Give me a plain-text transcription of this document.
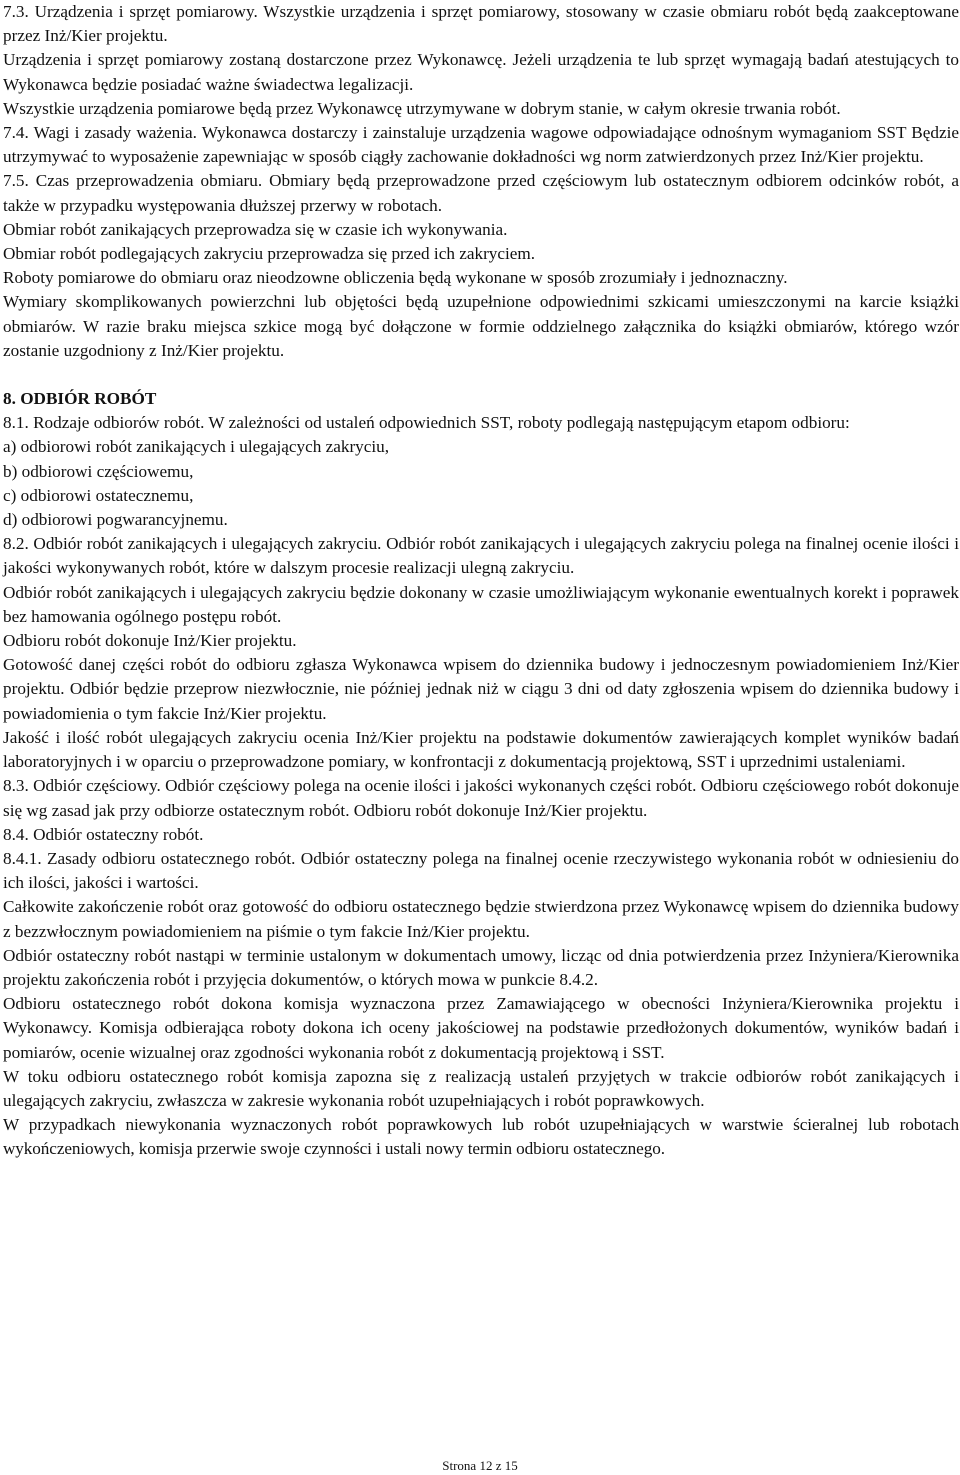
7.3. Urządzenia i sprzęt pomiarowy. Wszystkie urządzenia i sprzęt pomiarowy, stosowany w czasie obmiaru robót będą zaakceptowane przez Inż/Kier projektu.

Urządzenia i sprzęt pomiarowy zostaną dostarczone przez Wykonawcę. Jeżeli urządzenia te lub sprzęt wymagają badań atestujących to Wykonawca będzie posiadać ważne świadectwa legalizacji.

Wszystkie urządzenia pomiarowe będą przez Wykonawcę utrzymywane w dobrym stanie, w całym okresie trwania robót.

7.4. Wagi i zasady ważenia. Wykonawca dostarczy i zainstaluje urządzenia wagowe odpowiadające odnośnym wymaganiom SST Będzie utrzymywać to wyposażenie zapewniając w sposób ciągły zachowanie dokładności wg norm zatwierdzonych przez Inż/Kier projektu.

7.5. Czas przeprowadzenia obmiaru. Obmiary będą przeprowadzone przed częściowym lub ostatecznym odbiorem odcinków robót, a także w przypadku występowania dłuższej przerwy w robotach.

Obmiar robót zanikających przeprowadza się w czasie ich wykonywania.

Obmiar robót podlegających zakryciu przeprowadza się przed ich zakryciem.

Roboty pomiarowe do obmiaru oraz nieodzowne obliczenia będą wykonane w sposób zrozumiały i jednoznaczny.

Wymiary skomplikowanych powierzchni lub objętości będą uzupełnione odpowiednimi szkicami umieszczonymi na karcie książki obmiarów. W razie braku miejsca szkice mogą być dołączone w formie oddzielnego załącznika do książki obmiarów, którego wzór zostanie uzgodniony z Inż/Kier projektu.

8. ODBIÓR ROBÓT

8.1. Rodzaje odbiorów robót. W zależności od ustaleń odpowiednich SST, roboty podlegają następującym etapom odbioru:

a) odbiorowi robót zanikających i ulegających zakryciu,

b) odbiorowi częściowemu,

c) odbiorowi ostatecznemu,

d) odbiorowi pogwarancyjnemu.

8.2. Odbiór robót zanikających i ulegających zakryciu. Odbiór robót zanikających i ulegających zakryciu polega na finalnej ocenie ilości i jakości wykonywanych robót, które w dalszym procesie realizacji ulegną zakryciu.

Odbiór robót zanikających i ulegających zakryciu będzie dokonany w czasie umożliwiającym wykonanie ewentualnych korekt i poprawek bez hamowania ogólnego postępu robót.

Odbioru robót dokonuje Inż/Kier projektu.

Gotowość danej części robót do odbioru zgłasza Wykonawca wpisem do dziennika budowy i jednoczesnym powiadomieniem Inż/Kier projektu. Odbiór będzie przeprow niezwłocznie, nie później jednak niż w ciągu 3 dni od daty zgłoszenia wpisem do dziennika budowy i powiadomienia o tym fakcie Inż/Kier projektu.

Jakość i ilość robót ulegających zakryciu ocenia Inż/Kier projektu na podstawie dokumentów zawierających komplet wyników badań laboratoryjnych i w oparciu o przeprowadzone pomiary, w konfrontacji z dokumentacją projektową, SST i uprzednimi ustaleniami.

8.3. Odbiór częściowy. Odbiór częściowy polega na ocenie ilości i jakości wykonanych części robót. Odbioru częściowego robót dokonuje się wg zasad jak przy odbiorze ostatecznym robót. Odbioru robót dokonuje Inż/Kier projektu.

8.4. Odbiór ostateczny robót.

8.4.1. Zasady odbioru ostatecznego robót. Odbiór ostateczny polega na finalnej ocenie rzeczywistego wykonania robót w odniesieniu do ich ilości, jakości i wartości.

Całkowite zakończenie robót oraz gotowość do odbioru ostatecznego będzie stwierdzona przez Wykonawcę wpisem do dziennika budowy z bezzwłocznym powiadomieniem na piśmie o tym fakcie Inż/Kier projektu.

Odbiór ostateczny robót nastąpi w terminie ustalonym w dokumentach umowy, licząc od dnia potwierdzenia przez Inżyniera/Kierownika projektu zakończenia robót i przyjęcia dokumentów, o których mowa w punkcie 8.4.2.

Odbioru ostatecznego robót dokona komisja wyznaczona przez Zamawiającego w obecności Inżyniera/Kierownika projektu i Wykonawcy. Komisja odbierająca roboty dokona ich oceny jakościowej na podstawie przedłożonych dokumentów, wyników badań i pomiarów, ocenie wizualnej oraz zgodności wykonania robót z dokumentacją projektową i SST.

W toku odbioru ostatecznego robót komisja zapozna się z realizacją ustaleń przyjętych w trakcie odbiorów robót zanikających i ulegających zakryciu, zwłaszcza w zakresie wykonania robót uzupełniających i robót poprawkowych.

W przypadkach niewykonania wyznaczonych robót poprawkowych lub robót uzupełniających w warstwie ścieralnej lub robotach wykończeniowych, komisja przerwie swoje czynności i ustali nowy termin odbioru ostatecznego.

Strona 12 z 15
